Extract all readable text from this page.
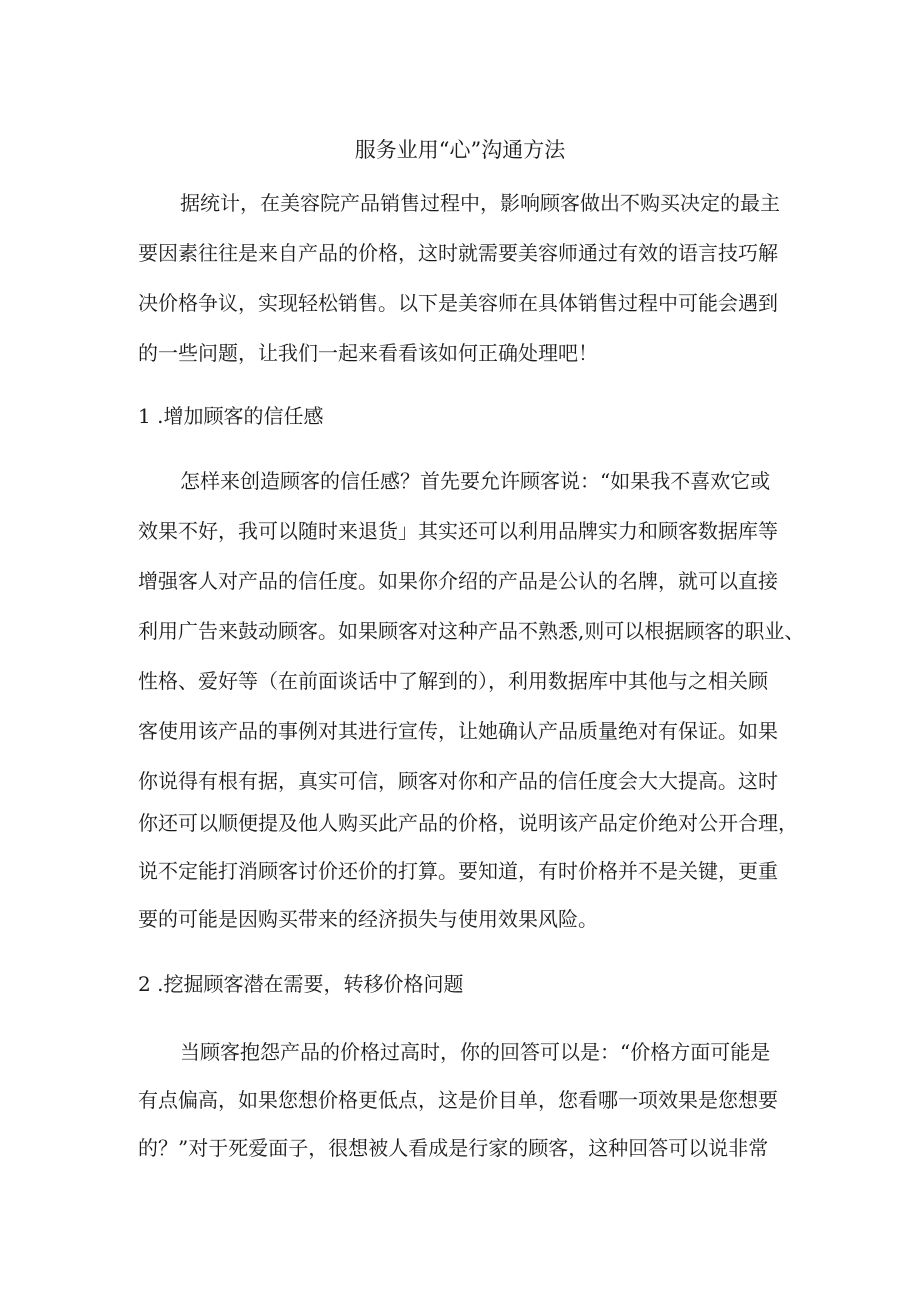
服务业用“心”沟通方法
据统计，在美容院产品销售过程中，影响顾客做出不购买决定的最主
要因素往往是来自产品的价格，这时就需要美容师通过有效的语言技巧解
决价格争议，实现轻松销售。以下是美容师在具体销售过程中可能会遇到
的一些问题，让我们一起来看看该如何正确处理吧！
1 .增加顾客的信任感
怎样来创造顾客的信任感？首先要允许顾客说：“如果我不喜欢它或
效果不好，我可以随时来退货」其实还可以利用品牌实力和顾客数据库等
增强客人对产品的信任度。如果你介绍的产品是公认的名牌，就可以直接
利用广告来鼓动顾客。如果顾客对这种产品不熟悉,则可以根据顾客的职业、
性格、爱好等（在前面谈话中了解到的），利用数据库中其他与之相关顾
客使用该产品的事例对其进行宣传，让她确认产品质量绝对有保证。如果
你说得有根有据，真实可信，顾客对你和产品的信任度会大大提高。这时
你还可以顺便提及他人购买此产品的价格，说明该产品定价绝对公开合理，
说不定能打消顾客讨价还价的打算。要知道，有时价格并不是关键，更重
要的可能是因购买带来的经济损失与使用效果风险。
2 .挖掘顾客潜在需要，转移价格问题
当顾客抱怨产品的价格过高时，你的回答可以是：“价格方面可能是
有点偏高，如果您想价格更低点，这是价目单，您看哪一项效果是您想要
的？”对于死爱面子，很想被人看成是行家的顾客，这种回答可以说非常
